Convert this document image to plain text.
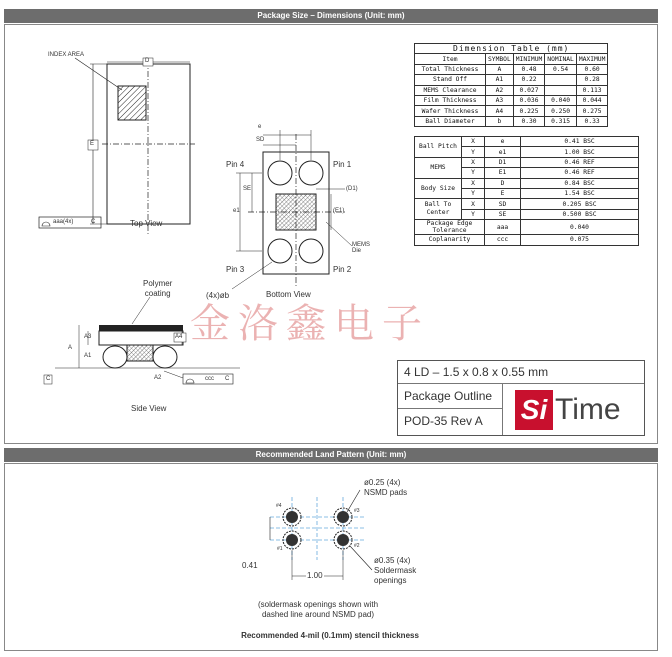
Package Size – Dimensions (Unit: mm)
INDEX AREA
D
E
aaa(4x)	C	Top View
Pin 4	Pin 1
Pin 3	Pin 2
e
SD
SE
e1
(D1)
(E1)
MEMS
Die
(4x)øb	Bottom View
Polymer
coating
A3
A
A1
A2
A4
C	ccc C
Side View
Dimension Table (mm)				
Item	SYMBOL	MINIMUM	NOMINAL	MAXIMUM
Total Thickness	A	0.48	0.54	0.60
Stand Off	A1	0.22		0.28
MEMS Clearance	A2	0.027		0.113
Film Thickness	A3	0.036	0.040	0.044
Wafer Thickness	A4	0.225	0.250	0.275
Ball Diameter	b	0.30	0.315	0.33
Ball Pitch	X	e	0.41 BSC
	Y	e1	1.00 BSC
MEMS	X	D1	0.46 REF
	Y	E1	0.46 REF
Body Size	X	D	0.84 BSC
	Y	E	1.54 BSC
Ball To
Center	X	SD	0.205 BSC
	Y	SE	0.500 BSC
Package Edge
Tolerance		aaa	0.040
Coplanarity		ccc	0.075
金洛鑫电子
4 LD – 1.5 x 0.8 x 0.55 mm
Package Outline
POD-35 Rev A Si Time
Recommended Land Pattern (Unit: mm)
ø0.25 (4x)
NSMD pads
ø0.35 (4x)
Soldermask
openings
0.41
1.00
#4
#3
#1	#2
(soldermask openings shown with
dashed line around NSMD pad)
Recommended 4-mil (0.1mm) stencil thickness
